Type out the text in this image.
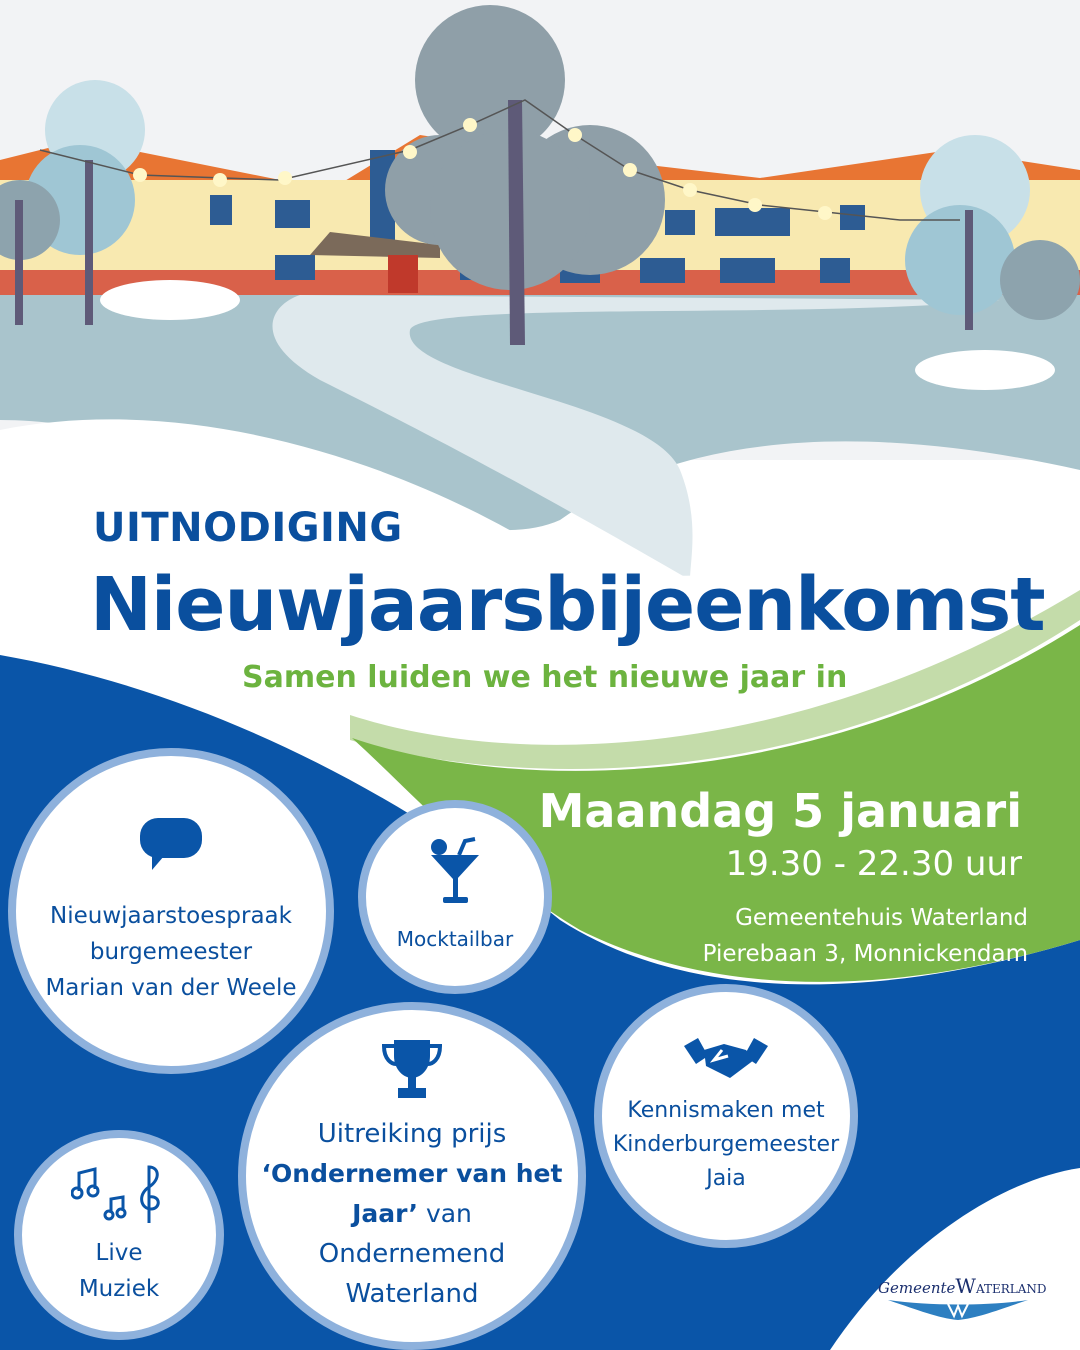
UITNODIGING
Nieuwjaarsbijeenkomst
Samen luiden we het nieuwe jaar in
Maandag 5 januari
19.30 - 22.30 uur
Gemeentehuis Waterland
Pierebaan 3, Monnickendam
Nieuwjaarstoespraak
burgemeester
Marian van der Weele
Mocktailbar
Uitreiking prijs
‘Ondernemer van het
Jaar’ van
Ondernemend
Waterland
Live
Muziek
Kennismaken met
Kinderburgemeester
Jaia
GemeenteWATERLAND
